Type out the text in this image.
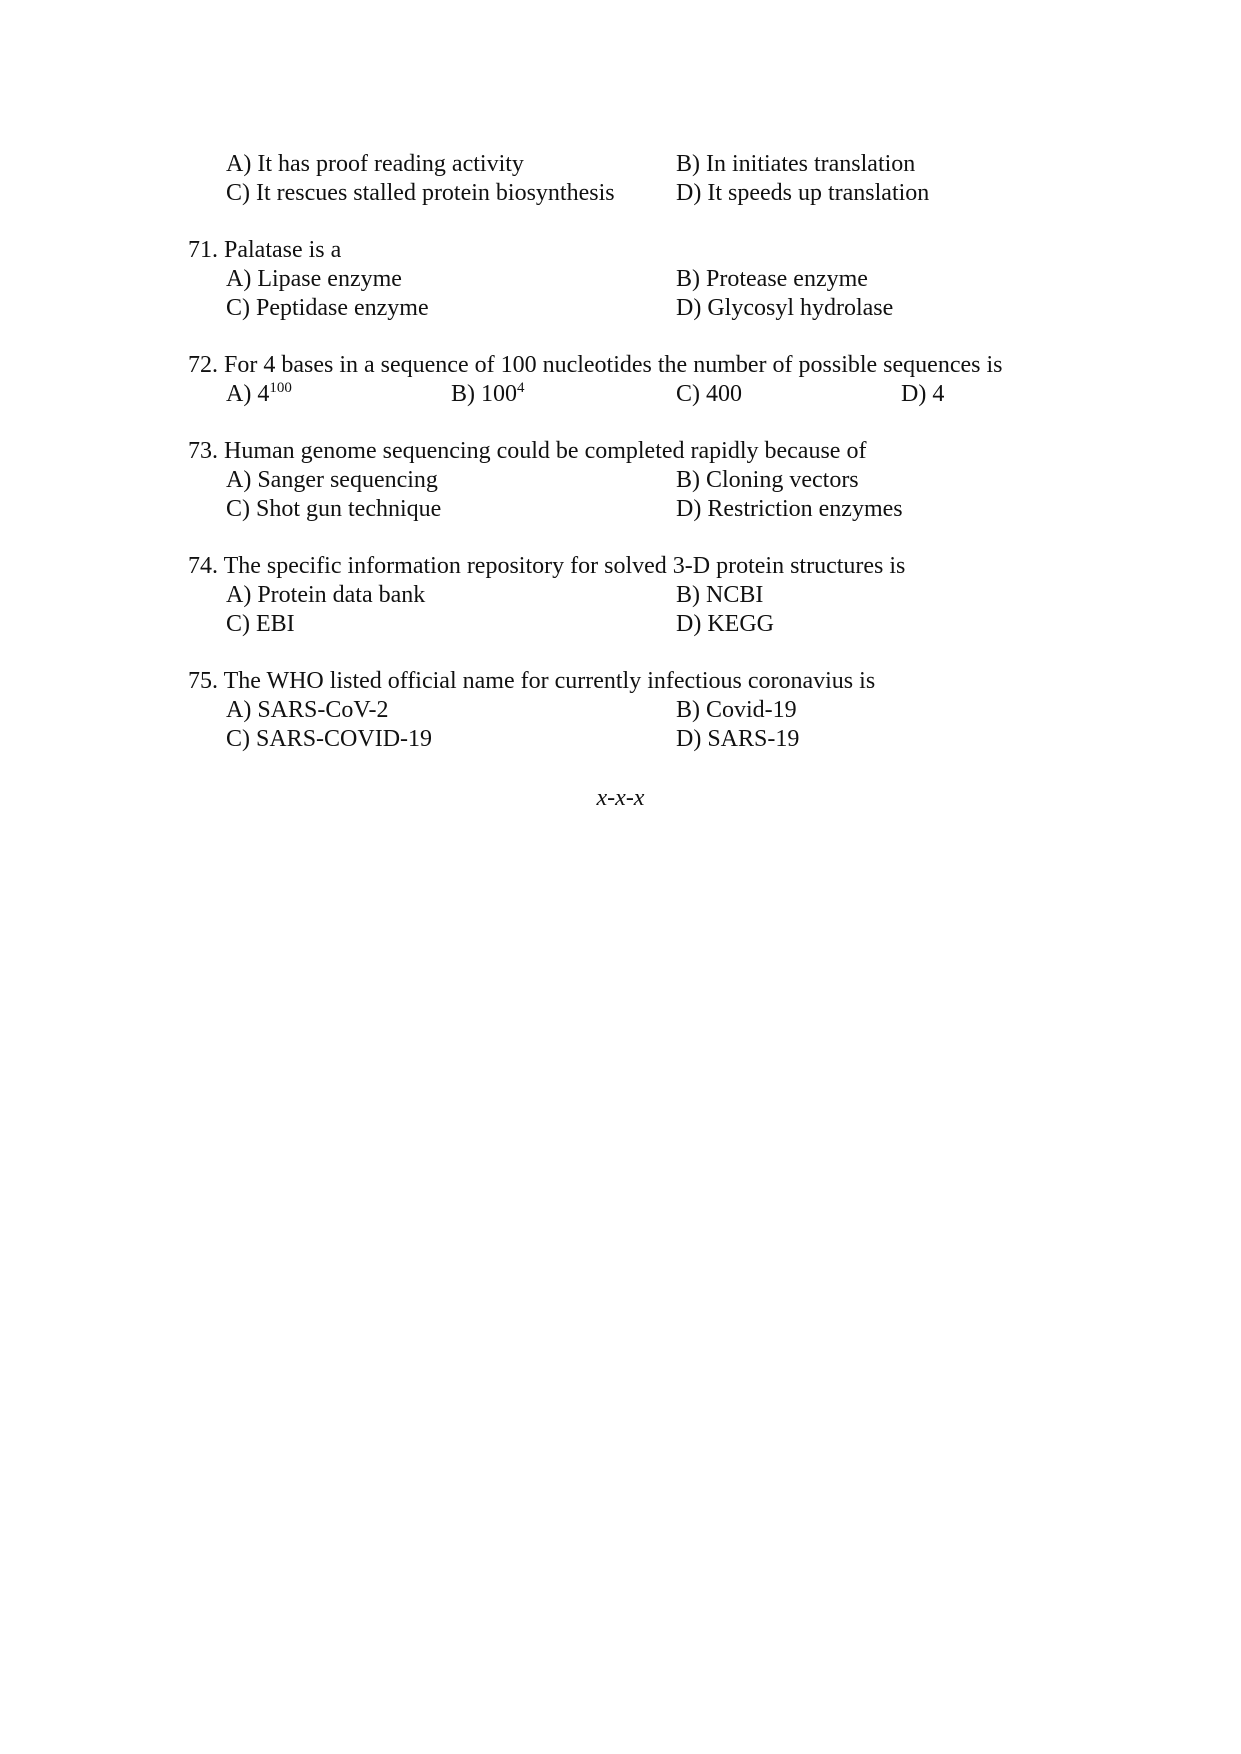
A) It has proof reading activity	B) In initiates translation
C) It rescues stalled protein biosynthesis	D) It speeds up translation
71. Palatase is a
A) Lipase enzyme	B) Protease enzyme
C) Peptidase enzyme	D) Glycosyl hydrolase
72. For 4 bases in a sequence of 100 nucleotides the number of possible sequences is
A) $4^{100}$	B) $100^4$	C) 400	D) 4
73. Human genome sequencing could be completed rapidly because of
A) Sanger sequencing	B) Cloning vectors
C) Shot gun technique	D) Restriction enzymes
74. The specific information repository for solved 3-D protein structures is
A) Protein data bank	B) NCBI
C) EBI	D) KEGG
75. The WHO listed official name for currently infectious coronavius is
A) SARS-CoV-2	B) Covid-19
C) SARS-COVID-19	D) SARS-19
x-x-x
